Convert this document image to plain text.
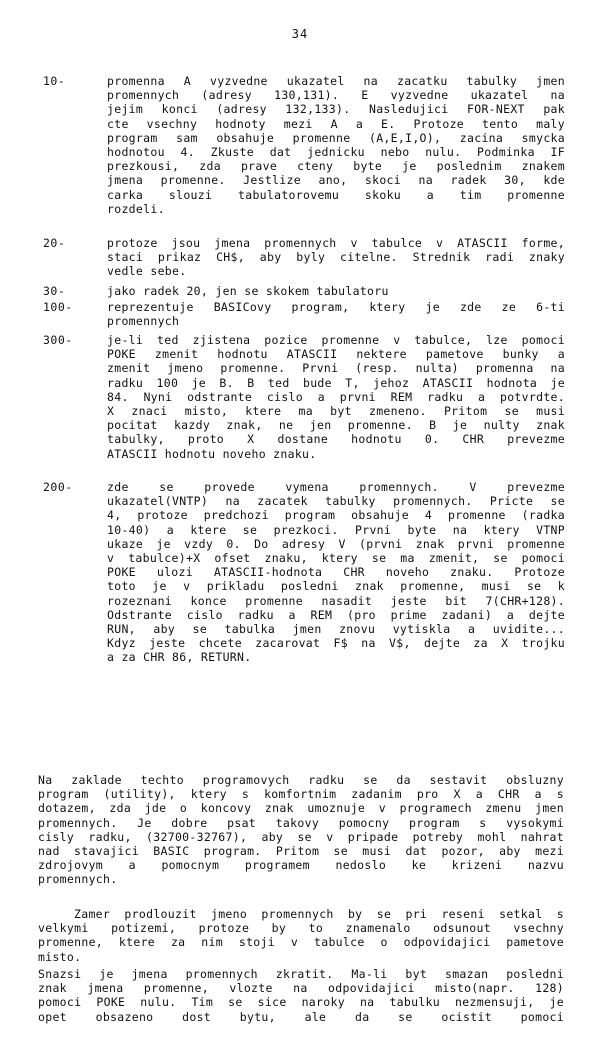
34
10-	promenna A vyzvedne ukazatel na zacatku tabulky jmen
promennych (adresy 130,131). E vyzvedne ukazatel na
jejim konci (adresy 132,133). Nasledujici FOR-NEXT pak
cte vsechny hodnoty mezi A a E. Protoze tento maly
program sam obsahuje promenne (A,E,I,O), zacina smycka
hodnotou 4. Zkuste dat jednicku nebo nulu. Podminka IF
prezkousi, zda prave cteny byte je poslednim znakem
jmena promenne. Jestlize ano, skoci na radek 30, kde
carka slouzi tabulatorovemu skoku a tim promenne
rozdeli.
20-	protoze jsou jmena promennych v tabulce v ATASCII forme,
staci prikaz CH$, aby byly citelne. Strednik radi znaky
vedle sebe.
30-	jako radek 20, jen se skokem tabulatoru
100-	reprezentuje BASICovy program, ktery je zde ze 6-ti
promennych
300-	je-li ted zjistena pozice promenne v tabulce, lze pomoci
POKE zmenit hodnotu ATASCII nektere pametove bunky a
zmenit jmeno promenne. Prvni (resp. nulta) promenna na
radku 100 je B. B ted bude T, jehoz ATASCII hodnota je
84. Nyni odstrante cislo a prvni REM radku a potvrdte.
X znaci misto, ktere ma byt zmeneno. Pritom se musi
pocitat kazdy znak, ne jen promenne. B je nulty znak
tabulky, proto X dostane hodnotu 0. CHR prevezme
ATASCII hodnotu noveho znaku.
200-	zde se provede vymena promennych. V prevezme
ukazatel(VNTP) na zacatek tabulky promennych. Pricte se
4, protoze predchozi program obsahuje 4 promenne (radka
10-40) a ktere se prezkoci. Prvni byte na ktery VTNP
ukaze je vzdy 0. Do adresy V (prvni znak prvni promenne
v tabulce)+X ofset znaku, ktery se ma zmenit, se pomoci
POKE ulozi ATASCII-hodnota CHR noveho znaku. Protoze
toto je v prikladu posledni znak promenne, musi se k
rozeznani konce promenne nasadit jeste bit 7(CHR+128).
Odstrante cislo radku a REM (pro prime zadani) a dejte
RUN, aby se tabulka jmen znovu vytiskla a uvidite...
Kdyz jeste chcete zacarovat F$ na V$, dejte za X trojku
a za CHR 86, RETURN.
Na zaklade techto programovych radku se da sestavit obsluzny
program (utility), ktery s komfortnim zadanim pro X a CHR a s
dotazem, zda jde o koncovy znak umoznuje v programech zmenu jmen
promennych. Je dobre psat takovy pomocny program s vysokymi
cisly radku, (32700-32767), aby se v pripade potreby mohl nahrat
nad stavajici BASIC program. Pritom se musi dat pozor, aby mezi
zdrojovym a pomocnym programem nedoslo ke krizeni nazvu
promennych.
Zamer prodlouzit jmeno promennych by se pri reseni setkal s
velkymi potizemi, protoze by to znamenalo odsunout vsechny
promenne, ktere za nim stoji v tabulce o odpovidajici pametove
misto.
Snazsi je jmena promennych zkratit. Ma-li byt smazan posledni
znak jmena promenne, vlozte na odpovidajici misto(napr. 128)
pomoci POKE nulu. Tim se sice naroky na tabulku nezmensuji, je
opet obsazeno dost bytu, ale da se ocistit pomoci
